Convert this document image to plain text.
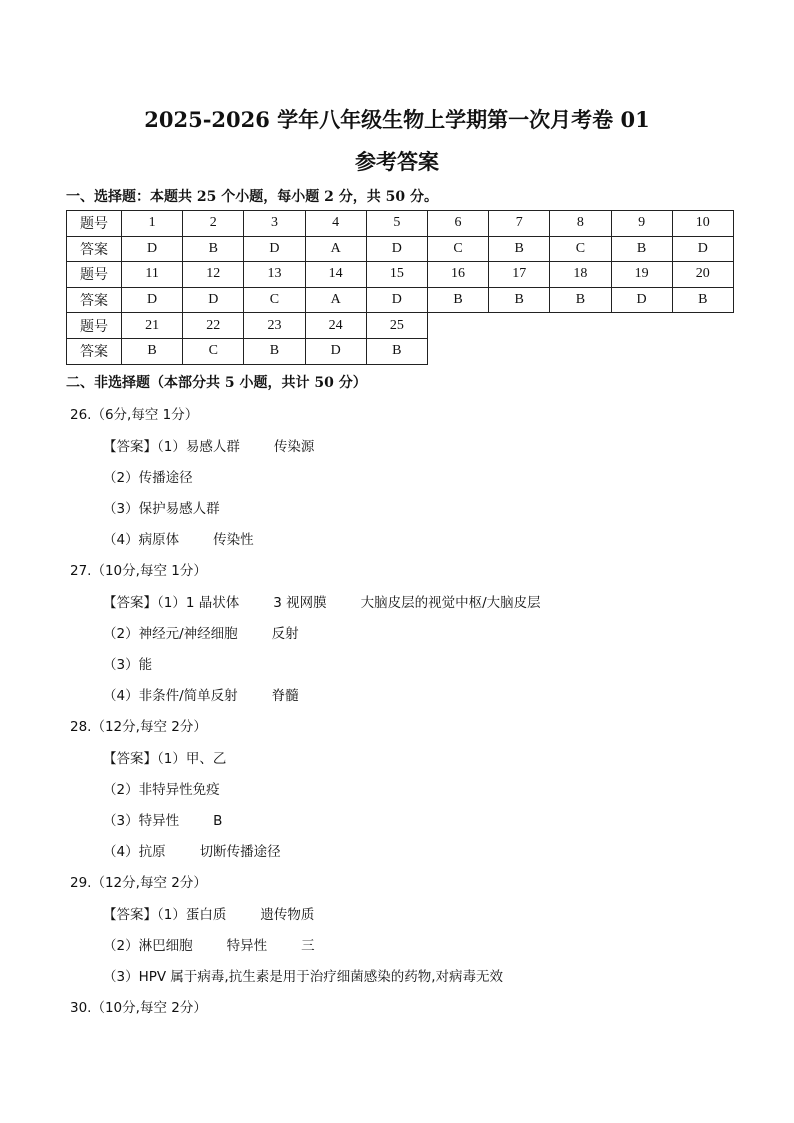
2025-2026 学年八年级生物上学期第一次月考卷 01
参考答案
一、选择题：本题共 25 个小题，每小题 2 分，共 50 分。
题号	1	2	3	4	5	6	7	8	9	10
答案	D	B	D	A	D	C	B	C	B	D
题号	11	12	13	14	15	16	17	18	19	20
答案	D	D	C	A	D	B	B	B	D	B
题号	21	22	23	24	25					
答案	B	C	B	D	B					
二、非选择题（本部分共 5 小题，共计 50 分）
26.（6分,每空 1分）
【答案】（1）易感人群	传染源
（2）传播途径
（3）保护易感人群
（4）病原体	传染性
27.（10分,每空 1分）
【答案】（1）1 晶状体	3 视网膜	大脑皮层的视觉中枢/大脑皮层
（2）神经元/神经细胞	反射
（3）能
（4）非条件/简单反射	脊髓
28.（12分,每空 2分）
【答案】（1）甲、乙
（2）非特异性免疫
（3）特异性	B
（4）抗原	切断传播途径
29.（12分,每空 2分）
【答案】（1）蛋白质	遗传物质
（2）淋巴细胞	特异性	三
（3）HPV 属于病毒,抗生素是用于治疗细菌感染的药物,对病毒无效
30.（10分,每空 2分）
